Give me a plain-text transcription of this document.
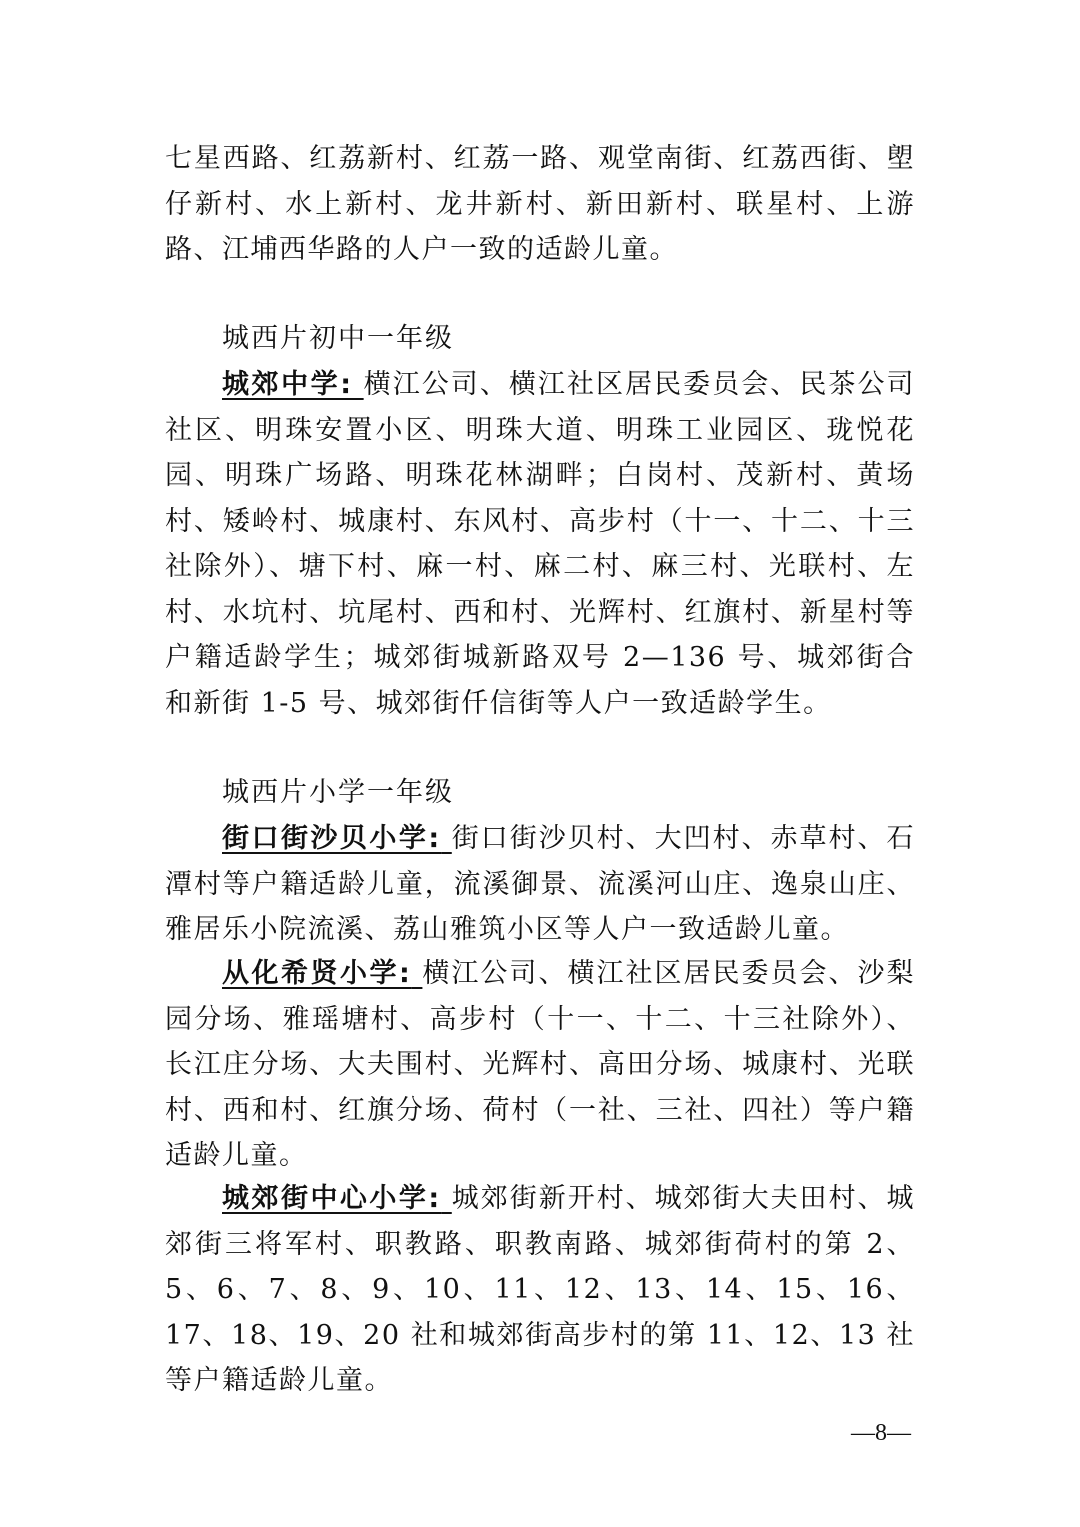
七星西路、红荔新村、红荔一路、观堂南街、红荔西街、塱仔新村、水上新村、龙井新村、新田新村、联星村、上游路、江埔西华路的人户一致的适龄儿童。

城西片初中一年级

城郊中学: 横江公司、横江社区居民委员会、民茶公司社区、明珠安置小区、明珠大道、明珠工业园区、珑悦花园、明珠广场路、明珠花林湖畔；白岗村、茂新村、黄场村、矮岭村、城康村、东风村、高步村（十一、十二、十三社除外）、塘下村、麻一村、麻二村、麻三村、光联村、左村、水坑村、坑尾村、西和村、光辉村、红旗村、新星村等户籍适龄学生；城郊街城新路双号 2—136 号、城郊街合和新街 1-5 号、城郊街仟信街等人户一致适龄学生。

城西片小学一年级

街口街沙贝小学: 街口街沙贝村、大凹村、赤草村、石潭村等户籍适龄儿童，流溪御景、流溪河山庄、逸泉山庄、雅居乐小院流溪、荔山雅筑小区等人户一致适龄儿童。

从化希贤小学: 横江公司、横江社区居民委员会、沙梨园分场、雅瑶塘村、高步村（十一、十二、十三社除外）、长江庄分场、大夫围村、光辉村、高田分场、城康村、光联村、西和村、红旗分场、荷村（一社、三社、四社）等户籍适龄儿童。

城郊街中心小学: 城郊街新开村、城郊街大夫田村、城郊街三将军村、职教路、职教南路、城郊街荷村的第 2、5、6、7、8、9、10、11、12、13、14、15、16、17、18、19、20 社和城郊街高步村的第 11、12、13 社等户籍适龄儿童。

—8—
